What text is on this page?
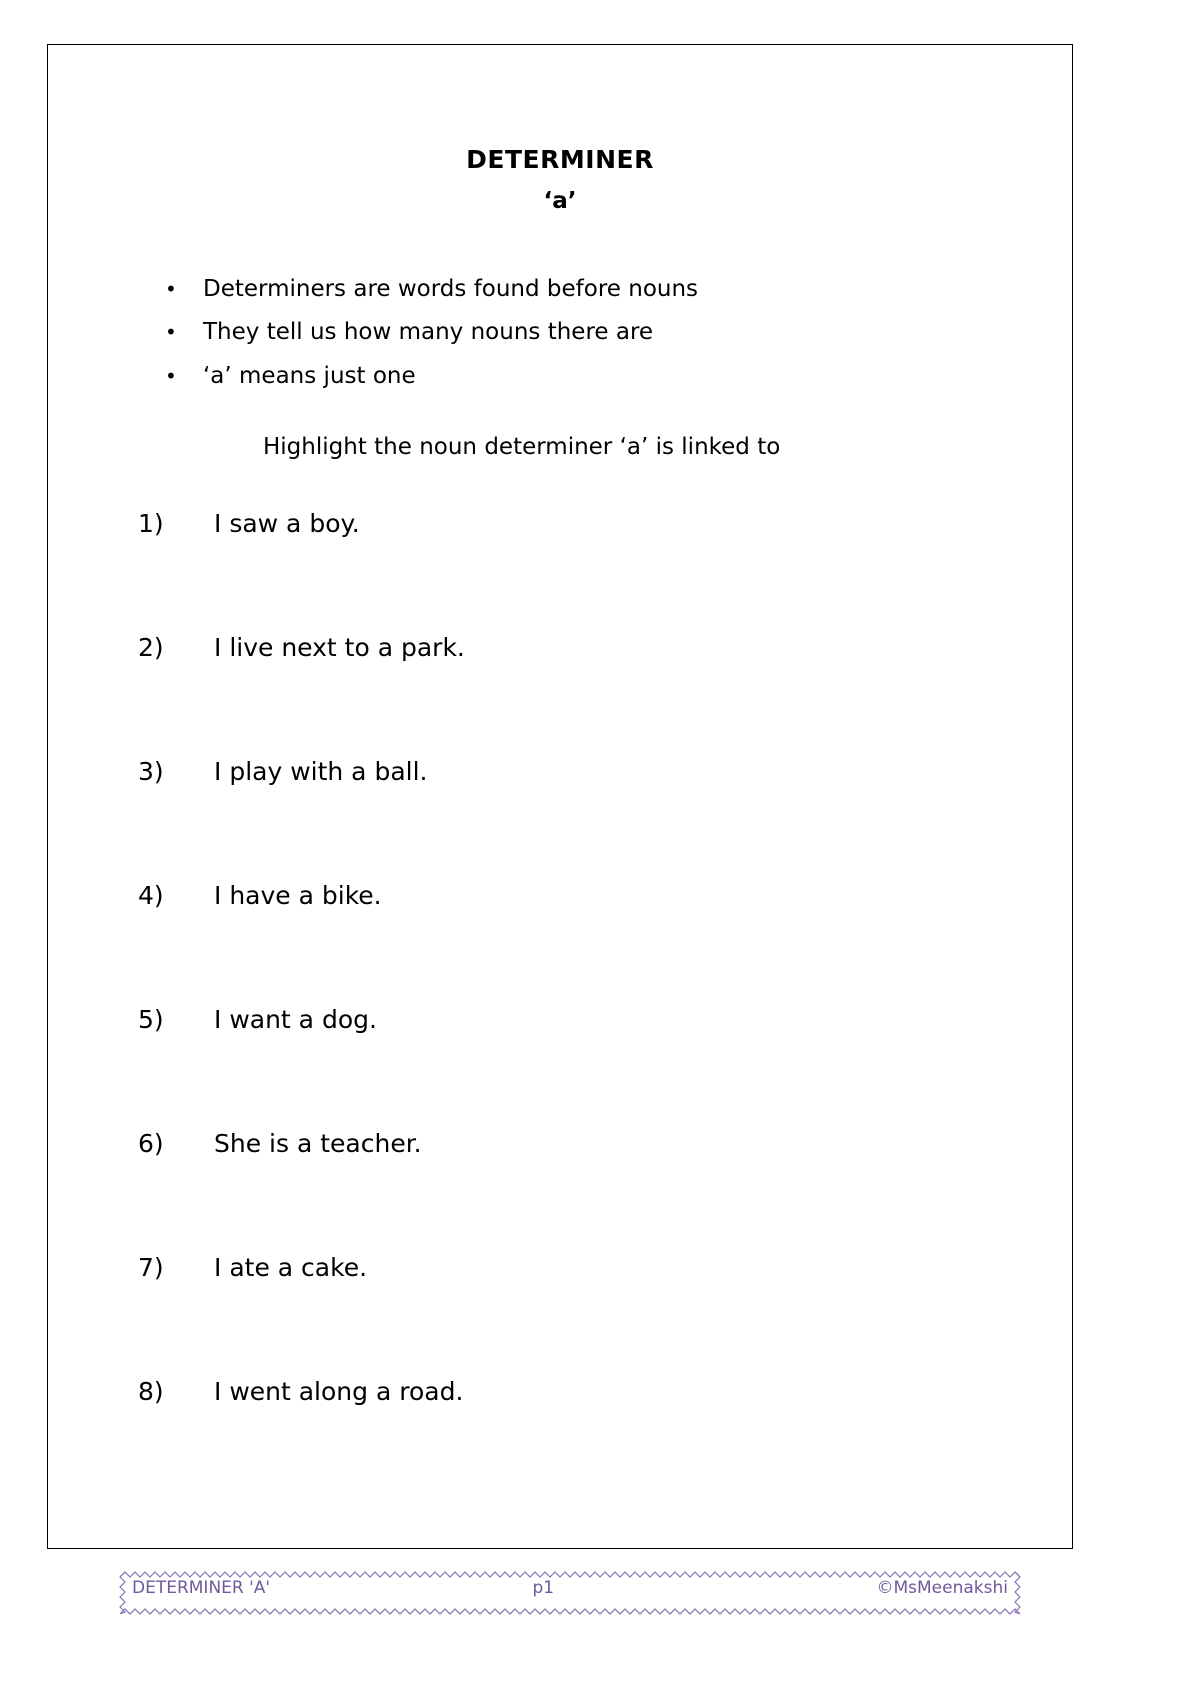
DETERMINER
‘a’
• Determiners are words found before nouns
• They tell us how many nouns there are
• ‘a’ means just one
Highlight the noun determiner ‘a’ is linked to
1)	I saw a boy.
2)	I live next to a park.
3)	I play with a ball.
4)	I have a bike.
5)	I want a dog.
6)	She is a teacher.
7)	I ate a cake.
8)	I went along a road.
DETERMINER 'A'	p1	©MsMeenakshi
